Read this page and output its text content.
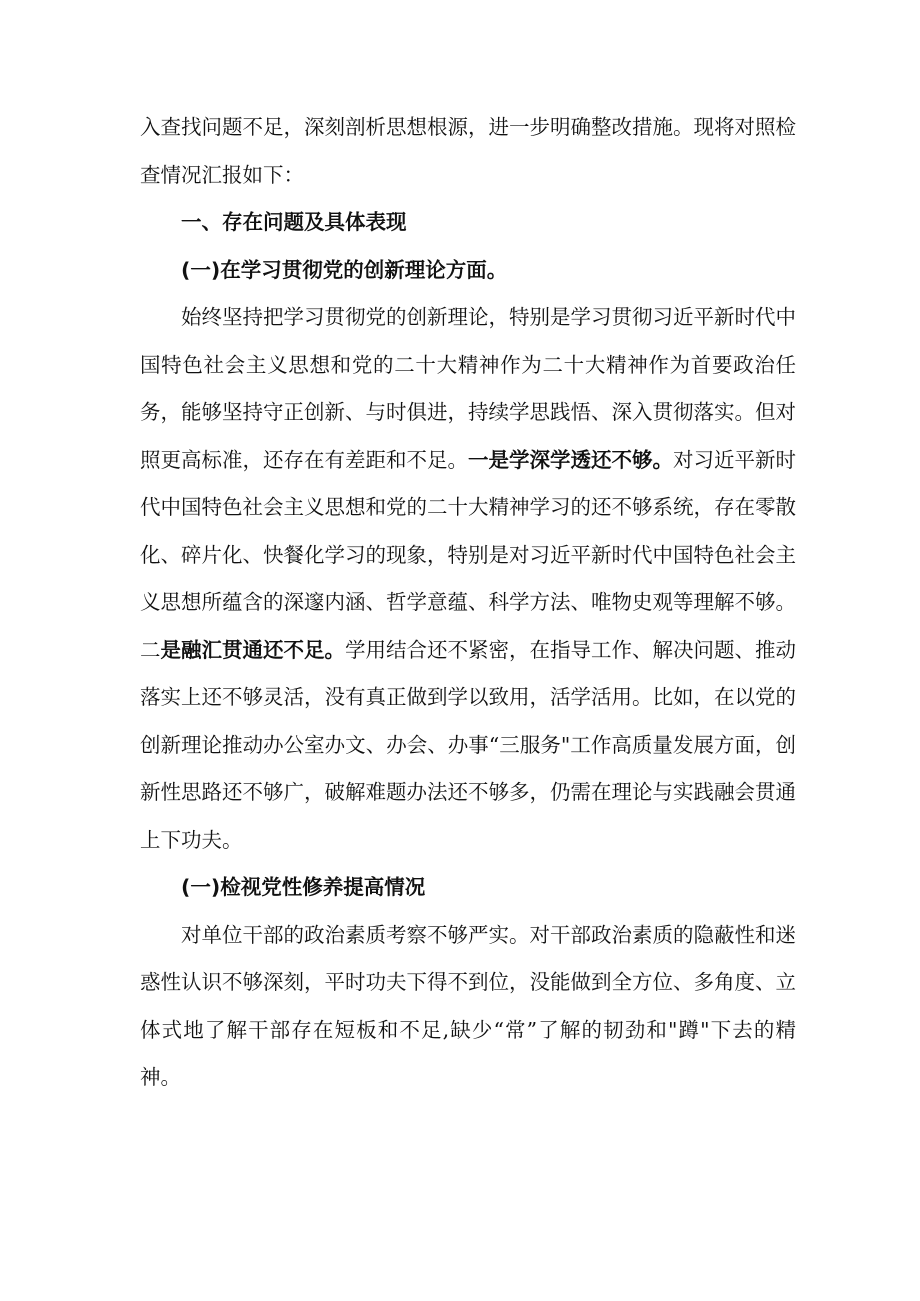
入查找问题不足，深刻剖析思想根源，进一步明确整改措施。现将对照检查情况汇报如下：

一、存在问题及具体表现

(一)在学习贯彻党的创新理论方面。

始终坚持把学习贯彻党的创新理论，特别是学习贯彻习近平新时代中国特色社会主义思想和党的二十大精神作为二十大精神作为首要政治任务，能够坚持守正创新、与时俱进，持续学思践悟、深入贯彻落实。但对照更高标准，还存在有差距和不足。一是学深学透还不够。对习近平新时代中国特色社会主义思想和党的二十大精神学习的还不够系统，存在零散化、碎片化、快餐化学习的现象，特别是对习近平新时代中国特色社会主义思想所蕴含的深邃内涵、哲学意蕴、科学方法、唯物史观等理解不够。二是融汇贯通还不足。学用结合还不紧密，在指导工作、解决问题、推动落实上还不够灵活，没有真正做到学以致用，活学活用。比如，在以党的创新理论推动办公室办文、办会、办事“三服务"工作高质量发展方面，创新性思路还不够广，破解难题办法还不够多，仍需在理论与实践融会贯通上下功夫。

(一)检视党性修养提高情况

对单位干部的政治素质考察不够严实。对干部政治素质的隐蔽性和迷惑性认识不够深刻，平时功夫下得不到位，没能做到全方位、多角度、立体式地了解干部存在短板和不足,缺少“常”了解的韧劲和"蹲"下去的精神。
